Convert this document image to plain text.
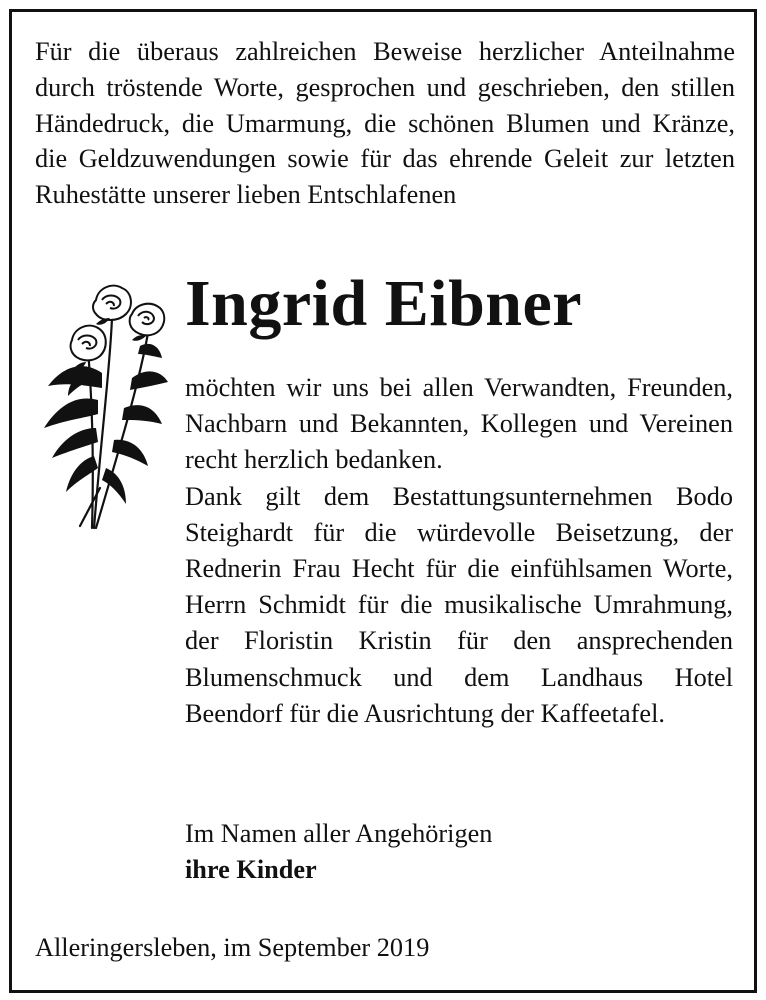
Für die überaus zahlreichen Beweise herzlicher Anteilnahme durch tröstende Worte, gesprochen und geschrieben, den stillen Händedruck, die Umarmung, die schönen Blumen und Kränze, die Geldzuwendungen sowie für das ehrende Geleit zur letzten Ruhestätte unserer lieben Entschlafenen

Ingrid Eibner

möchten wir uns bei allen Verwandten, Freunden, Nachbarn und Bekannten, Kollegen und Vereinen recht herzlich bedanken.

Dank gilt dem Bestattungsunternehmen Bodo Steighardt für die würdevolle Beisetzung, der Rednerin Frau Hecht für die einfühlsamen Worte, Herrn Schmidt für die musikalische Umrahmung, der Floristin Kristin für den ansprechenden Blumenschmuck und dem Landhaus Hotel Beendorf für die Ausrichtung der Kaffeetafel.

Im Namen aller Angehörigen

ihre Kinder

Alleringersleben, im September 2019
